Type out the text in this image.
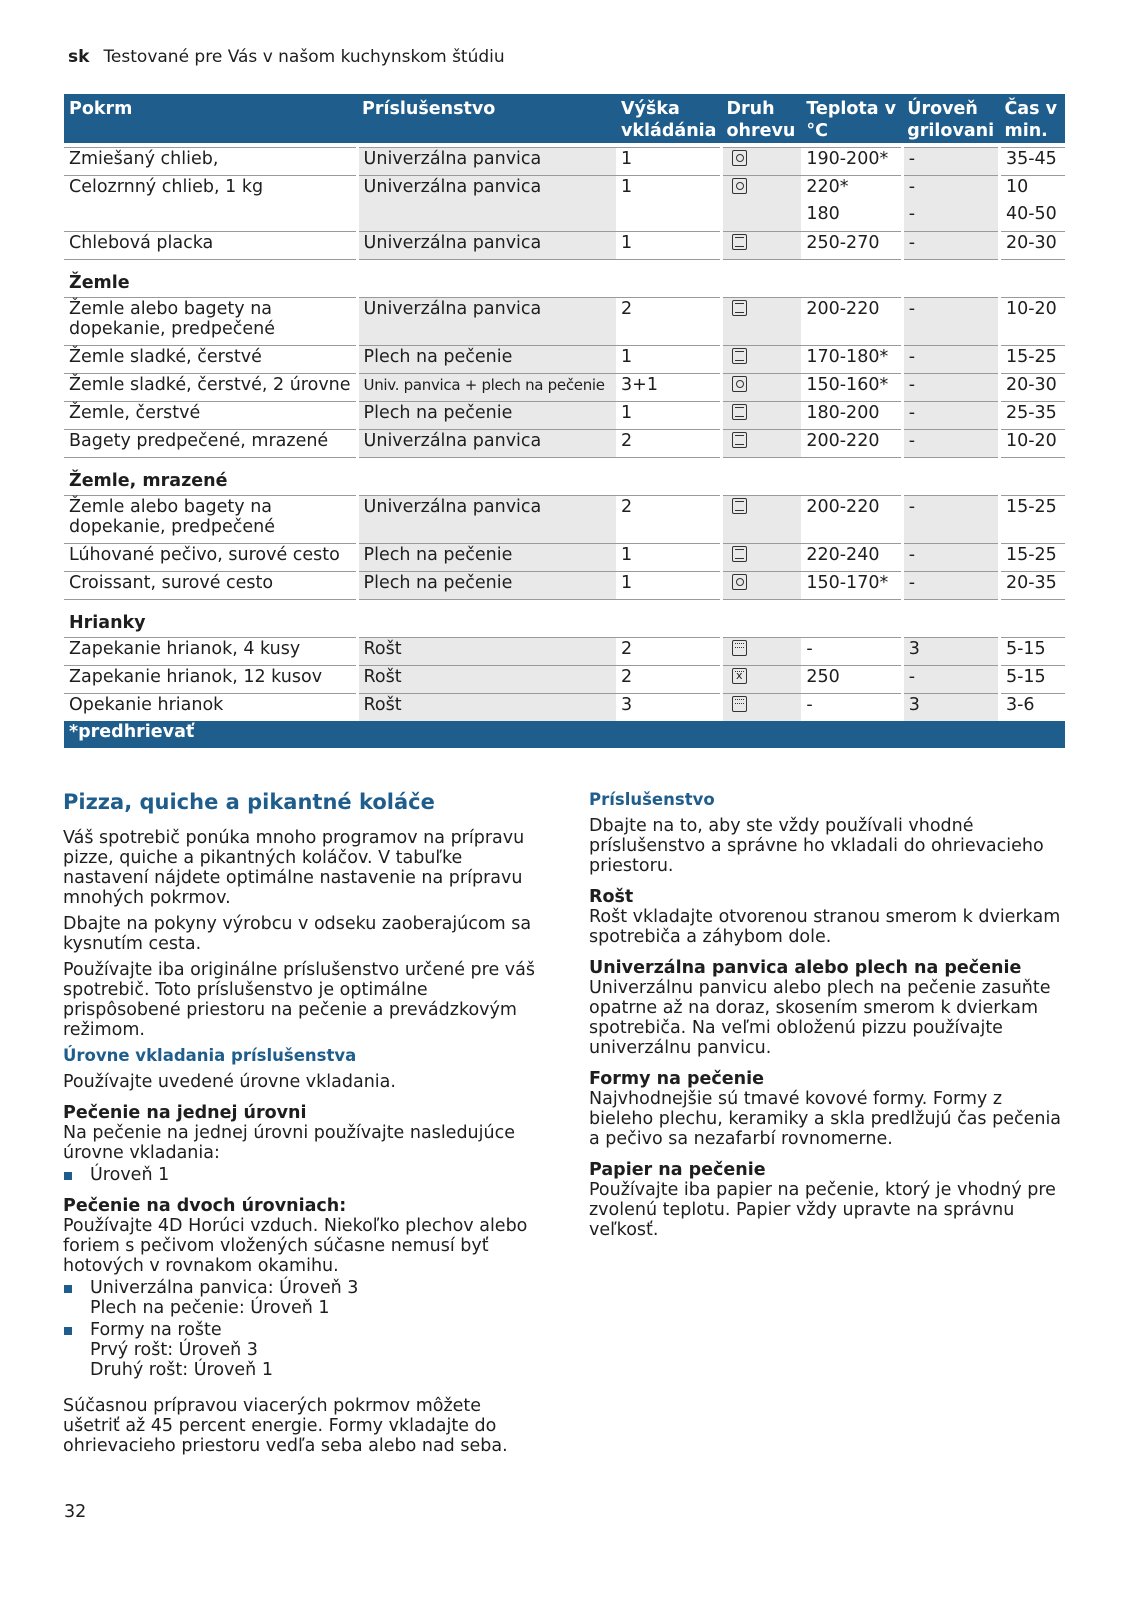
sk Testované pre Vás v našom kuchynskom štúdiu
Pokrm	Príslušenstvo	Výška vkládánia	Druh ohrevu	Teplota v °C	Úroveň grilovani	Čas v min.

Zmiešaný chlieb,	Univerzálna panvica	1		190-200*	-	35-45
Celozrnný chlieb, 1 kg	Univerzálna panvica	1		220*	-	10
				180	-	40-50
Chlebová placka	Univerzálna panvica	1		250-270	-	20-30
Žemle						
Žemle alebo bagety na dopekanie, predpečené	Univerzálna panvica	2		200-220	-	10-20
Žemle sladké, čerstvé	Plech na pečenie	1		170-180*	-	15-25
Žemle sladké, čerstvé, 2 úrovne	Univ. panvica + plech na pečenie	3+1		150-160*	-	20-30
Žemle, čerstvé	Plech na pečenie	1		180-200	-	25-35
Bagety predpečené, mrazené	Univerzálna panvica	2		200-220	-	10-20
Žemle, mrazené						
Žemle alebo bagety na dopekanie, predpečené	Univerzálna panvica	2		200-220	-	15-25
Lúhované pečivo, surové cesto	Plech na pečenie	1		220-240	-	15-25
Croissant, surové cesto	Plech na pečenie	1		150-170*	-	20-35
Hrianky						
Zapekanie hrianok, 4 kusy	Rošt	2		-	3	5-15
Zapekanie hrianok, 12 kusov	Rošt	2	x	250	-	5-15
Opekanie hrianok	Rošt	3		-	3	3-6
*predhrievať						
Pizza, quiche a pikantné koláče

Váš spotrebič ponúka mnoho programov na prípravu pizze, quiche a pikantných koláčov. V tabuľke nastavení nájdete optimálne nastavenie na prípravu mnohých pokrmov.

Dbajte na pokyny výrobcu v odseku zaoberajúcom sa kysnutím cesta.

Používajte iba originálne príslušenstvo určené pre váš spotrebič. Toto príslušenstvo je optimálne prispôsobené priestoru na pečenie a prevádzkovým režimom.

Úrovne vkladania príslušenstva

Používajte uvedené úrovne vkladania.

Pečenie na jednej úrovni

Na pečenie na jednej úrovni používajte nasledujúce úrovne vkladania:

Úroveň 1
Pečenie na dvoch úrovniach:

Používajte 4D Horúci vzduch. Niekoľko plechov alebo foriem s pečivom vložených súčasne nemusí byť hotových v rovnakom okamihu.

Univerzálna panvica: Úroveň 3
Plech na pečenie: Úroveň 1
Formy na rošte
Prvý rošt: Úroveň 3
Druhý rošt: Úroveň 1

Súčasnou prípravou viacerých pokrmov môžete ušetriť až 45 percent energie. Formy vkladajte do ohrievacieho priestoru vedľa seba alebo nad seba.

Príslušenstvo

Dbajte na to, aby ste vždy používali vhodné príslušenstvo a správne ho vkladali do ohrievacieho priestoru.

Rošt

Rošt vkladajte otvorenou stranou smerom k dvierkam spotrebiča a záhybom dole.

Univerzálna panvica alebo plech na pečenie

Univerzálnu panvicu alebo plech na pečenie zasuňte opatrne až na doraz, skosením smerom k dvierkam spotrebiča. Na veľmi obloženú pizzu používajte univerzálnu panvicu.

Formy na pečenie

Najvhodnejšie sú tmavé kovové formy. Formy z bieleho plechu, keramiky a skla predlžujú čas pečenia a pečivo sa nezafarbí rovnomerne.

Papier na pečenie

Používajte iba papier na pečenie, ktorý je vhodný pre zvolenú teplotu. Papier vždy upravte na správnu veľkosť.

32
